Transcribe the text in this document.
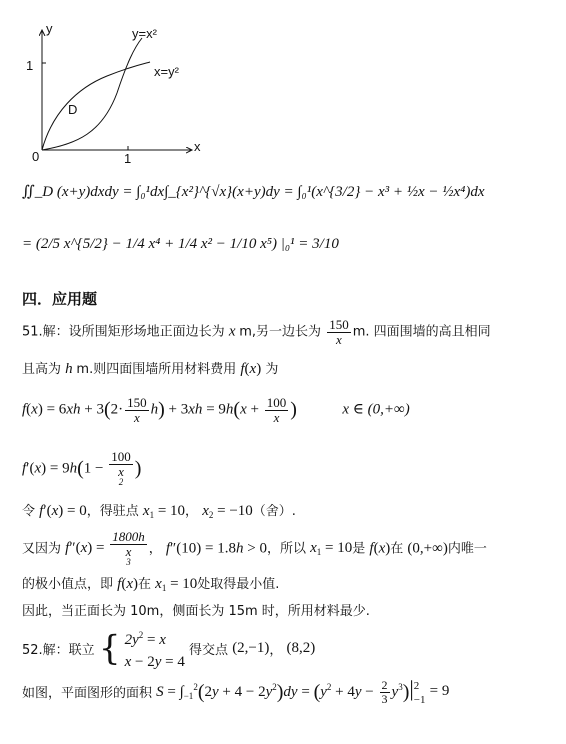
y
x
0	1
1
y=x²
x=y²
D
∬_D (x+y)dxdy = ∫₀¹dx∫_{x²}^{√x}(x+y)dy = ∫₀¹(x^{3/2} − x³ + ½x − ½x⁴)dx
= (2/5 x^{5/2} − 1/4 x⁴ + 1/4 x² − 1/10 x⁵) |₀¹ = 3/10
四．应用题
51.解：设所围矩形场地正面边长为 x m,另一边长为 $\frac{150}{x} m$. 四面围墙的高且相同
且高为 h m.则四面围墙所用材料费用 f(x) 为
$f(x) = 6xh + 3(2\cdot \frac{150}{x} h) + 3xh = 9h(x + \frac{100}{x}$ )	x ∈ (0,+∞)
f′(x) = 9h(1 − 100
x
2 )
令 f′(x) = 0，得驻点 $x_1 = 10$， $x_2 = -10$（舍）.
又因为 f″(x) = 1800h
x
3 ， f″(10) = 1.8h > 0，所以 $x_1 = 10$是 f(x)在 (0,+∞)内唯一
的极小值点，即 f(x)在 $x_1 = 10$处取得最小值.
因此，当正面长为 10m，侧面长为 15m 时，所用材料最少.
52.解：联立 { $2y^2 = x$
x − 2y = 4 得交点 (2,−1)， (8,2)
如图，平面图形的面积 $S = \int_{-1}^2(2y + 4 - 2y^2)dy = (y^2 + 4y - \frac{2}{3} y^3)|2$
−1 = 9
